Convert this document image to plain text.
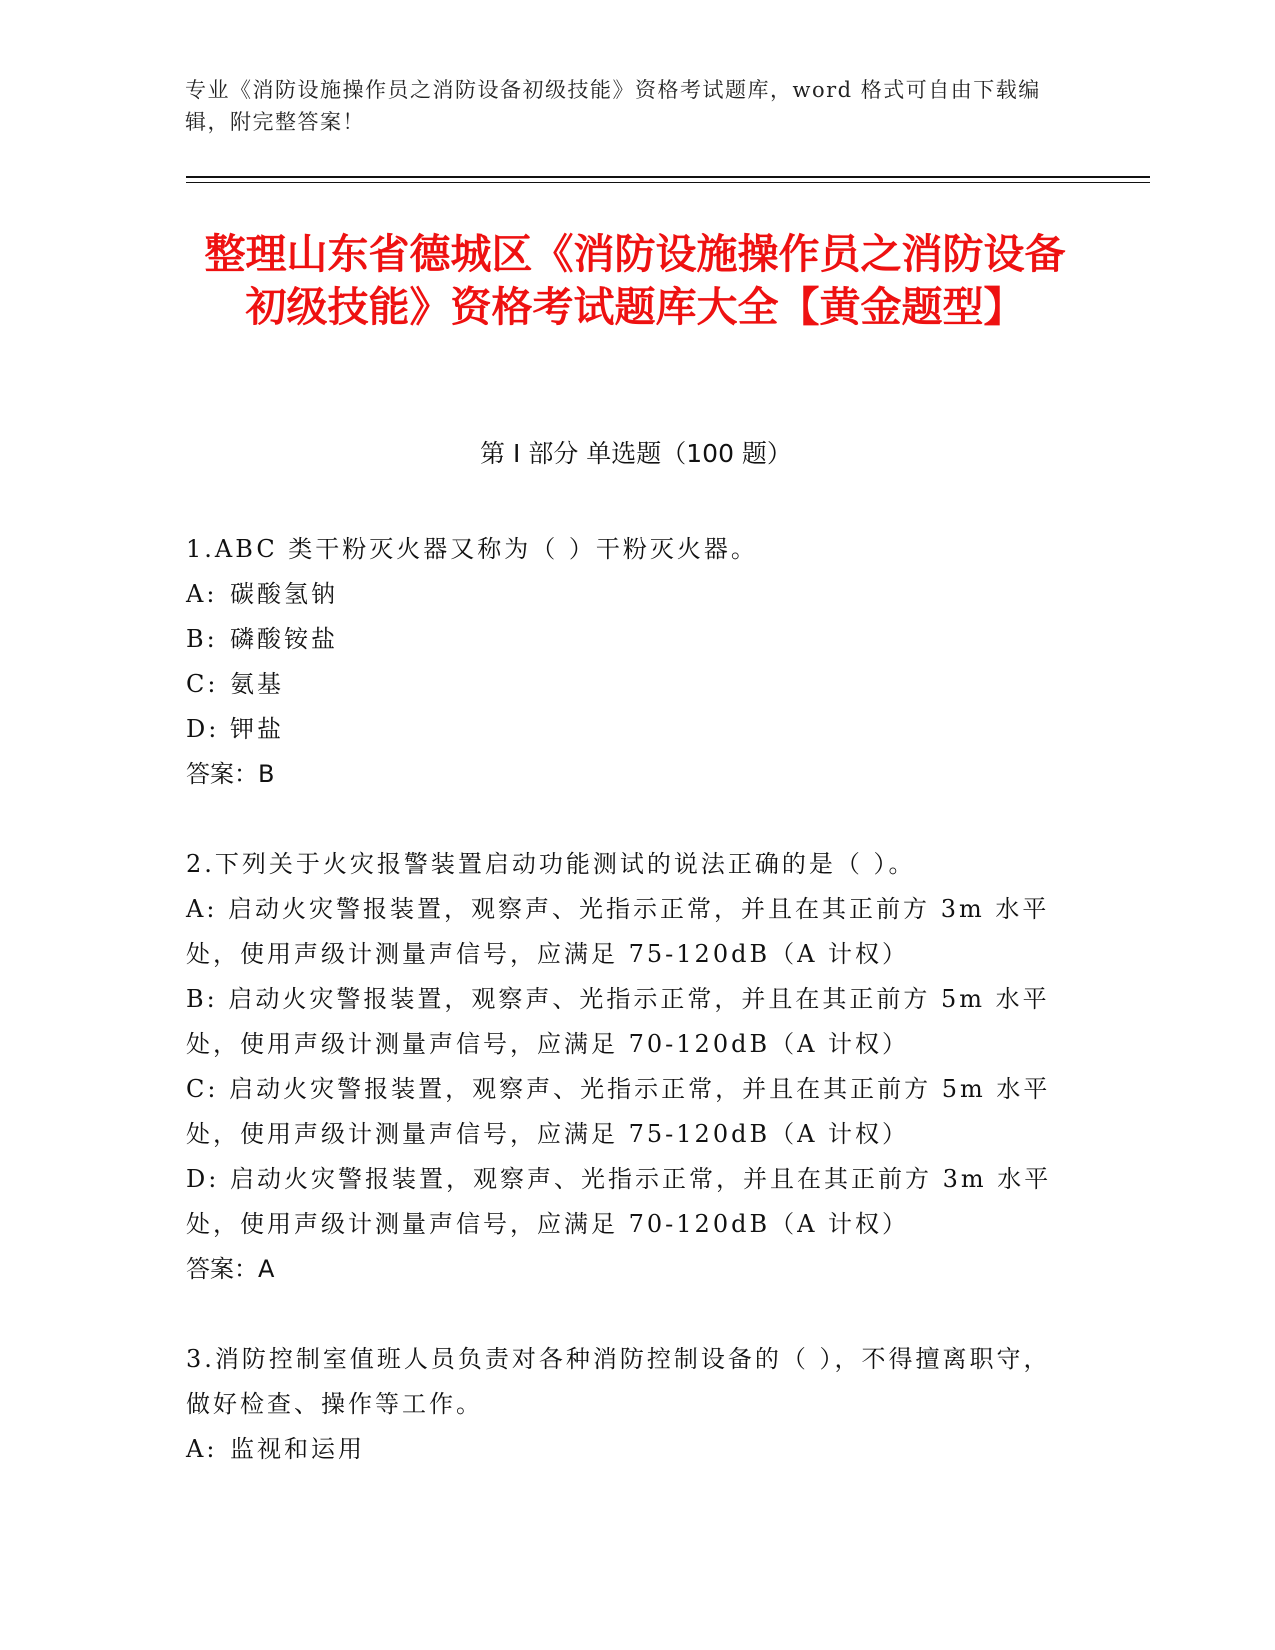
专业《消防设施操作员之消防设备初级技能》资格考试题库，word 格式可自由下载编辑，附完整答案！
整理山东省德城区《消防设施操作员之消防设备初级技能》资格考试题库大全【黄金题型】
第 I 部分 单选题（100 题）

1.ABC 类干粉灭火器又称为（ ）干粉灭火器。

A: 碳酸氢钠

B: 磷酸铵盐

C: 氨基

D: 钾盐

答案：B

2.下列关于火灾报警装置启动功能测试的说法正确的是（ ）。

A: 启动火灾警报装置，观察声、光指示正常，并且在其正前方 3m 水平处，使用声级计测量声信号，应满足 75-120dB（A 计权）

B: 启动火灾警报装置，观察声、光指示正常，并且在其正前方 5m 水平处，使用声级计测量声信号，应满足 70-120dB（A 计权）

C: 启动火灾警报装置，观察声、光指示正常，并且在其正前方 5m 水平处，使用声级计测量声信号，应满足 75-120dB（A 计权）

D: 启动火灾警报装置，观察声、光指示正常，并且在其正前方 3m 水平处，使用声级计测量声信号，应满足 70-120dB（A 计权）

答案：A

3.消防控制室值班人员负责对各种消防控制设备的（ ），不得擅离职守，做好检查、操作等工作。

A: 监视和运用
